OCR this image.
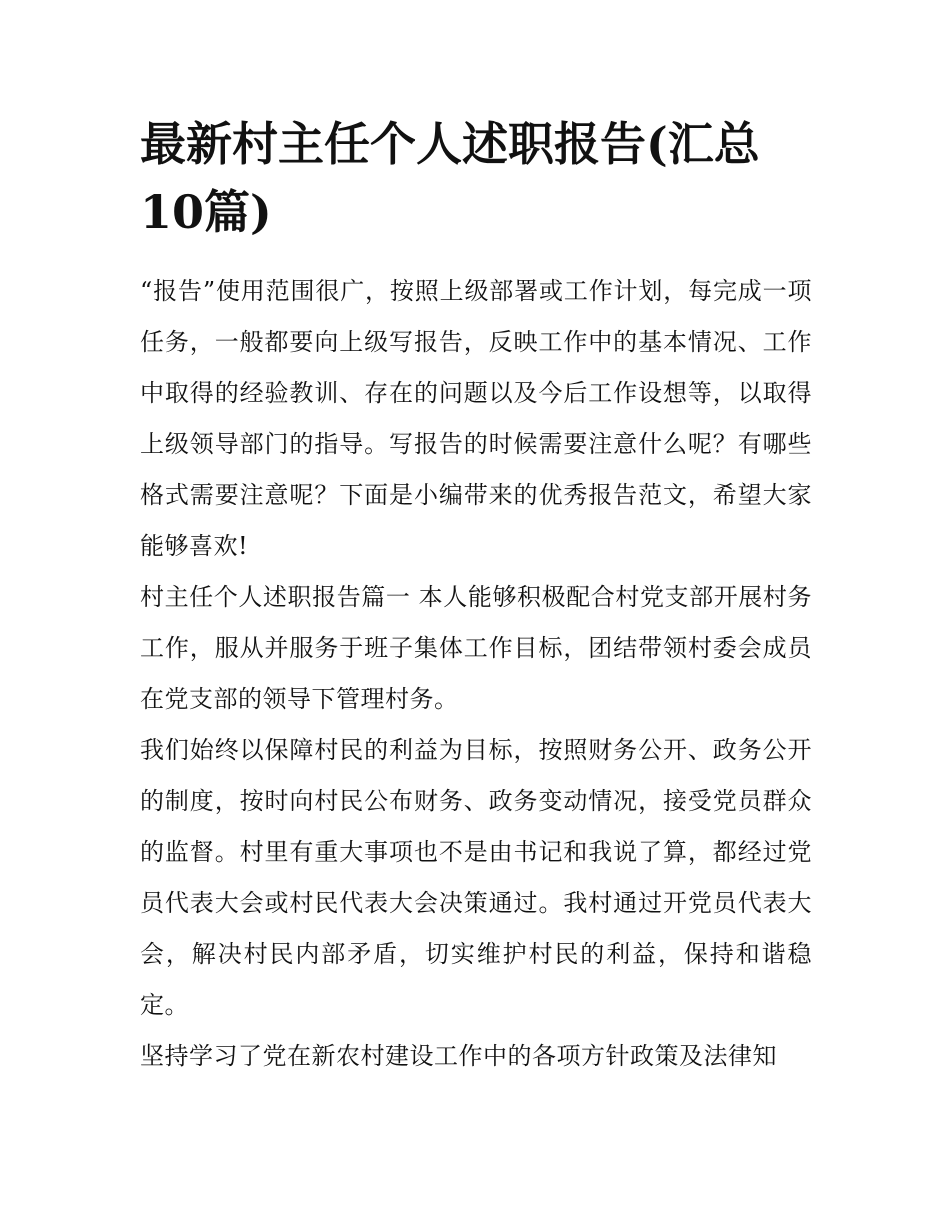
最新村主任个人述职报告(汇总10篇)

“报告”使用范围很广，按照上级部署或工作计划，每完成一项任务，一般都要向上级写报告，反映工作中的基本情况、工作中取得的经验教训、存在的问题以及今后工作设想等，以取得上级领导部门的指导。写报告的时候需要注意什么呢？有哪些格式需要注意呢？下面是小编带来的优秀报告范文，希望大家能够喜欢!

村主任个人述职报告篇一 本人能够积极配合村党支部开展村务工作，服从并服务于班子集体工作目标，团结带领村委会成员在党支部的领导下管理村务。

我们始终以保障村民的利益为目标，按照财务公开、政务公开的制度，按时向村民公布财务、政务变动情况，接受党员群众的监督。村里有重大事项也不是由书记和我说了算，都经过党员代表大会或村民代表大会决策通过。我村通过开党员代表大会，解决村民内部矛盾，切实维护村民的利益，保持和谐稳定。

坚持学习了党在新农村建设工作中的各项方针政策及法律知
